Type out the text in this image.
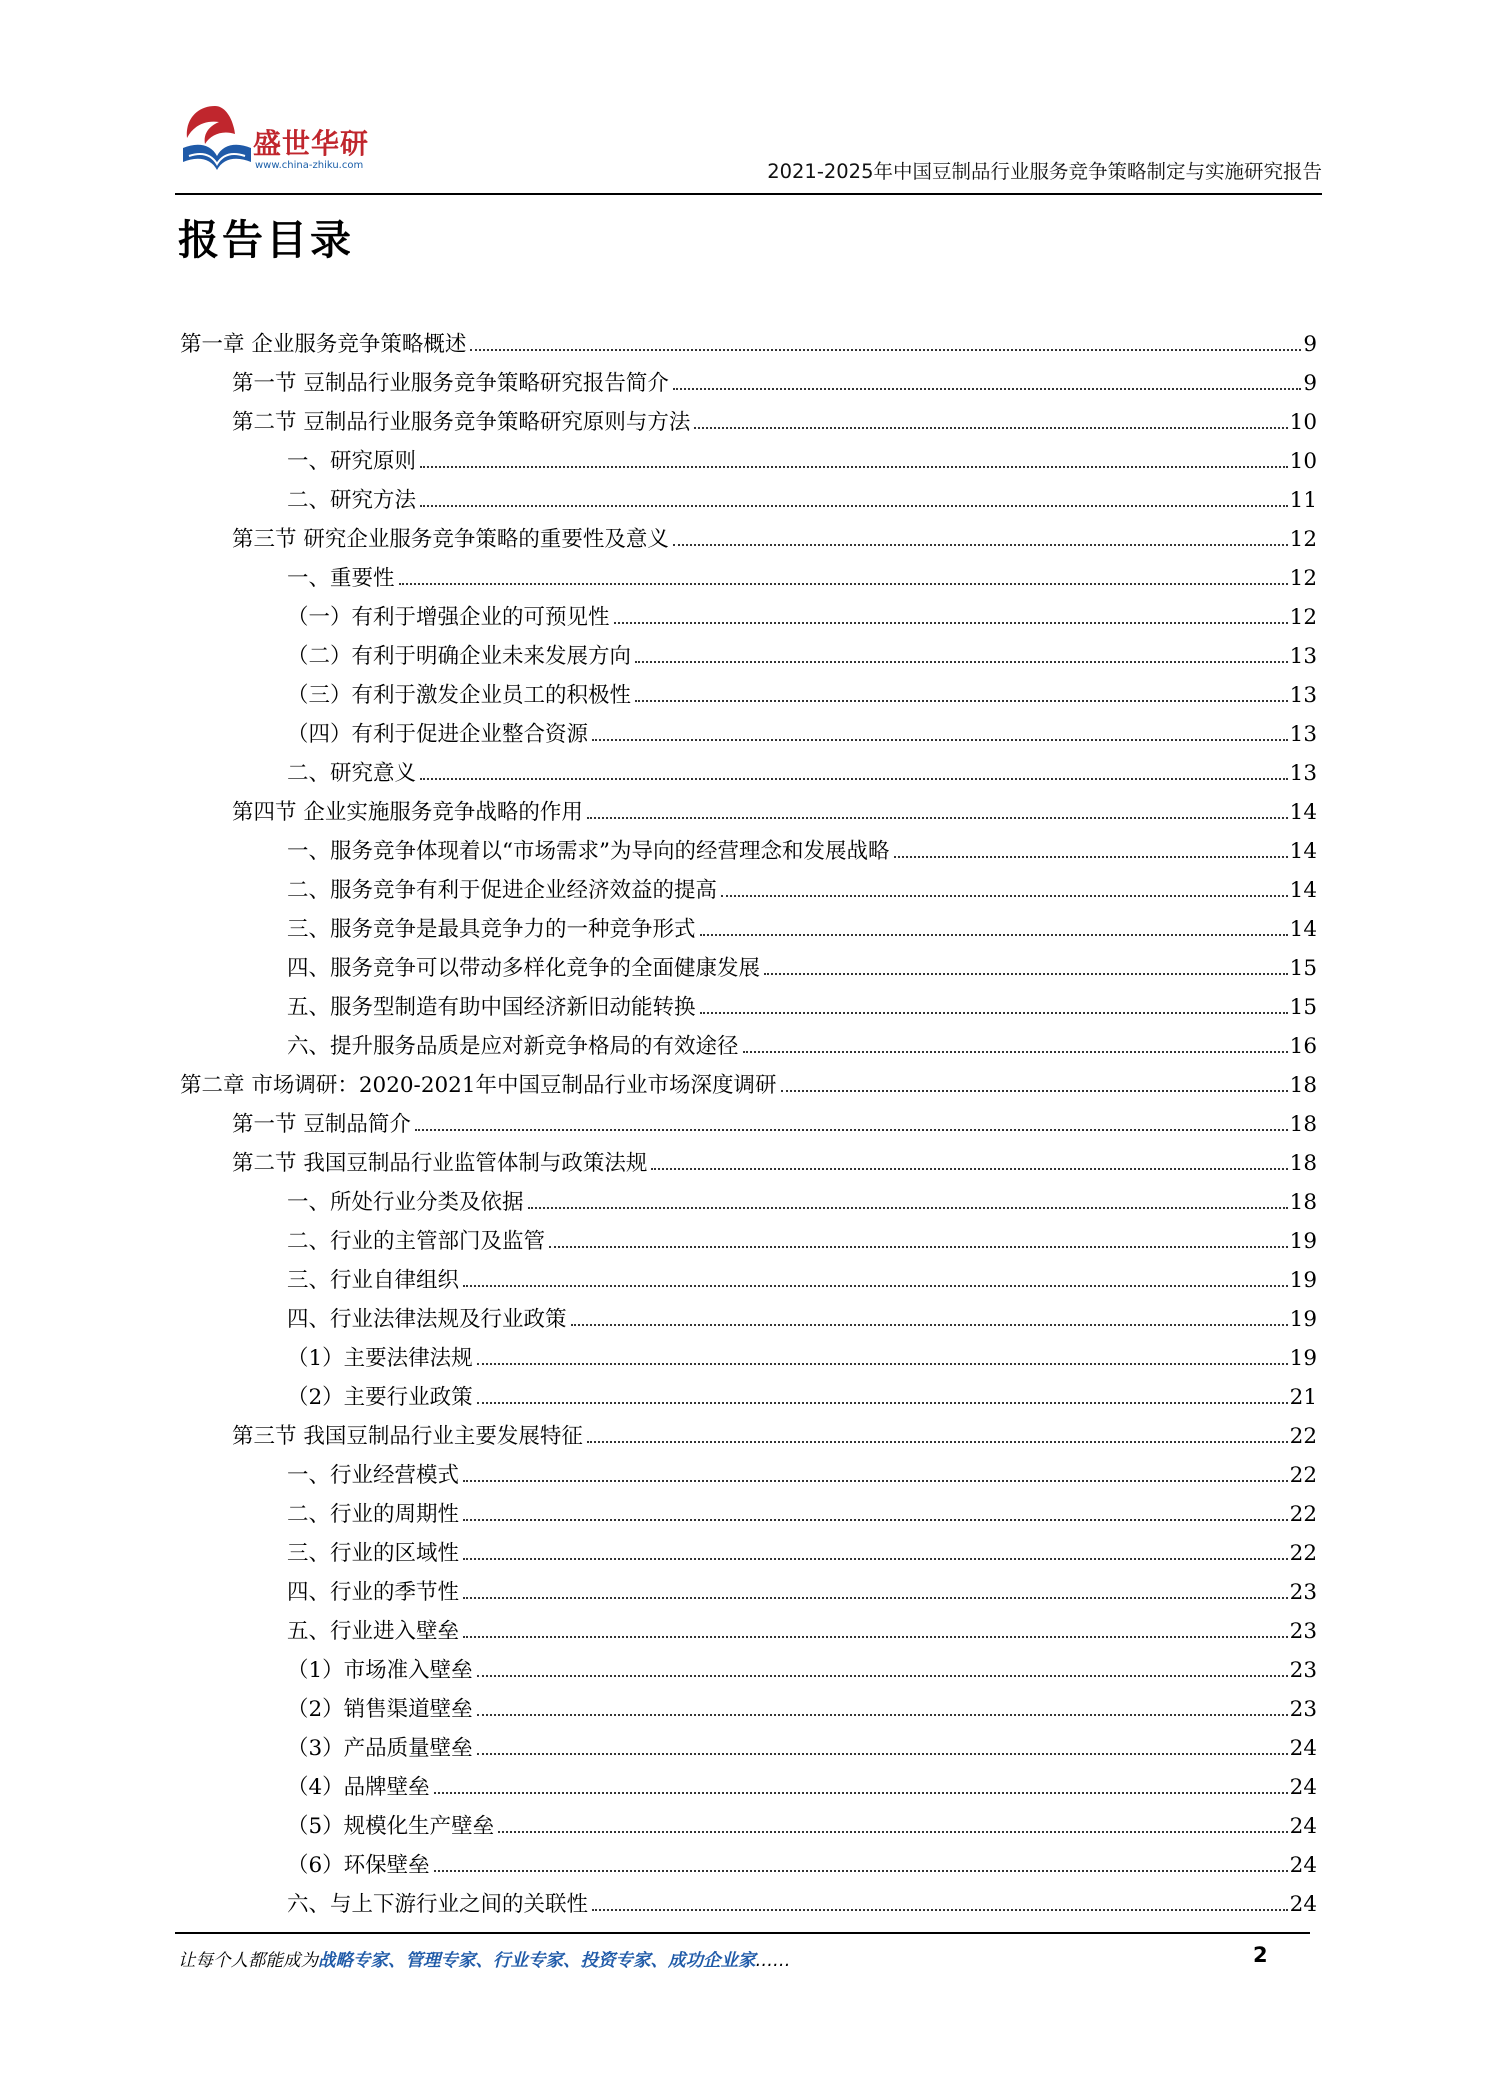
盛世华研
www.china-zhiku.com	2021-2025年中国豆制品行业服务竞争策略制定与实施研究报告
报告目录
第一章 企业服务竞争策略概述	9
第一节 豆制品行业服务竞争策略研究报告简介	9
第二节 豆制品行业服务竞争策略研究原则与方法	10
一、研究原则	10
二、研究方法	11
第三节 研究企业服务竞争策略的重要性及意义	12
一、重要性	12
（一）有利于增强企业的可预见性	12
（二）有利于明确企业未来发展方向	13
（三）有利于激发企业员工的积极性	13
（四）有利于促进企业整合资源	13
二、研究意义	13
第四节 企业实施服务竞争战略的作用	14
一、服务竞争体现着以“市场需求”为导向的经营理念和发展战略	14
二、服务竞争有利于促进企业经济效益的提高	14
三、服务竞争是最具竞争力的一种竞争形式	14
四、服务竞争可以带动多样化竞争的全面健康发展	15
五、服务型制造有助中国经济新旧动能转换	15
六、提升服务品质是应对新竞争格局的有效途径	16
第二章 市场调研：2020-2021年中国豆制品行业市场深度调研	18
第一节 豆制品简介	18
第二节 我国豆制品行业监管体制与政策法规	18
一、所处行业分类及依据	18
二、行业的主管部门及监管	19
三、行业自律组织	19
四、行业法律法规及行业政策	19
（1）主要法律法规	19
（2）主要行业政策	21
第三节 我国豆制品行业主要发展特征	22
一、行业经营模式	22
二、行业的周期性	22
三、行业的区域性	22
四、行业的季节性	23
五、行业进入壁垒	23
（1）市场准入壁垒	23
（2）销售渠道壁垒	23
（3）产品质量壁垒	24
（4）品牌壁垒	24
（5）规模化生产壁垒	24
（6）环保壁垒	24
六、与上下游行业之间的关联性	24
让每个人都能成为战略专家、管理专家、行业专家、投资专家、成功企业家……	2
